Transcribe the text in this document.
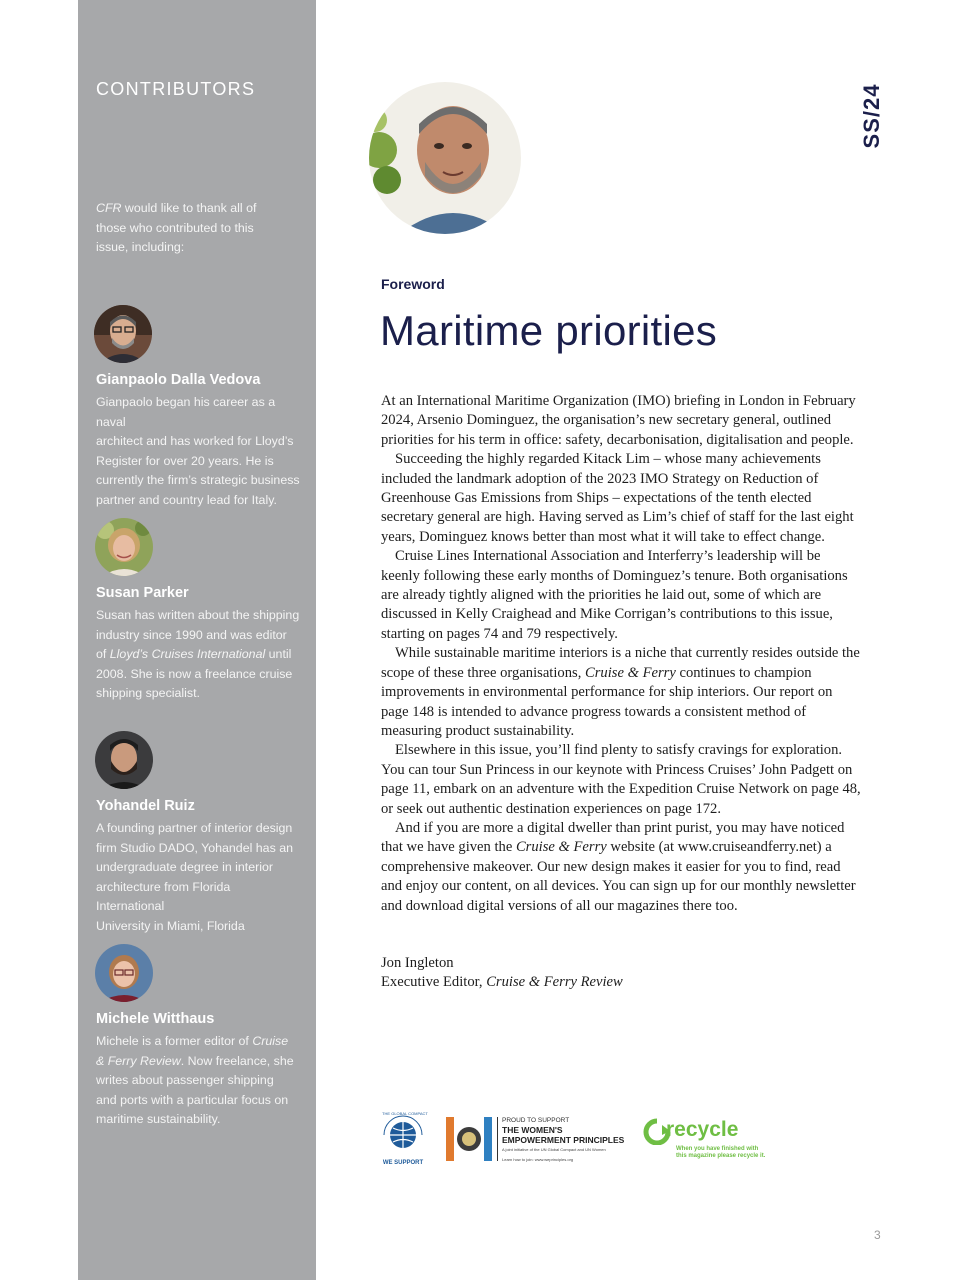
CONTRIBUTORS
CFR would like to thank all of
those who contributed to this
issue, including:
Gianpaolo Dalla Vedova
Gianpaolo began his career as a naval
architect and has worked for Lloyd’s
Register for over 20 years. He is
currently the firm’s strategic business
partner and country lead for Italy.
Susan Parker
Susan has written about the shipping
industry since 1990 and was editor
of Lloyd’s Cruises International until
2008. She is now a freelance cruise
shipping specialist.
Yohandel Ruiz
A founding partner of interior design
firm Studio DADO, Yohandel has an
undergraduate degree in interior
architecture from Florida International
University in Miami, Florida
Michele Witthaus
Michele is a former editor of Cruise
& Ferry Review. Now freelance, she
writes about passenger shipping
and ports with a particular focus on
maritime sustainability.
SS/24
Foreword
Maritime priorities

At an International Maritime Organization (IMO) briefing in London in February 2024, Arsenio Dominguez, the organisation’s new secretary general, outlined priorities for his term in office: safety, decarbonisation, digitalisation and people.

Succeeding the highly regarded Kitack Lim – whose many achievements included the landmark adoption of the 2023 IMO Strategy on Reduction of Greenhouse Gas Emissions from Ships – expectations of the tenth elected secretary general are high. Having served as Lim’s chief of staff for the last eight years, Dominguez knows better than most what it will take to effect change.

Cruise Lines International Association and Interferry’s leadership will be keenly following these early months of Dominguez’s tenure. Both organisations are already tightly aligned with the priorities he laid out, some of which are discussed in Kelly Craighead and Mike Corrigan’s contributions to this issue, starting on pages 74 and 79 respectively.

While sustainable maritime interiors is a niche that currently resides outside the scope of these three organisations, Cruise & Ferry continues to champion improvements in environmental performance for ship interiors. Our report on page 148 is intended to advance progress towards a consistent method of measuring product sustainability.

Elsewhere in this issue, you’ll find plenty to satisfy cravings for exploration. You can tour Sun Princess in our keynote with Princess Cruises’ John Padgett on page 11, embark on an adventure with the Expedition Cruise Network on page 48, or seek out authentic destination experiences on page 172.

And if you are more a digital dweller than print purist, you may have noticed that we have given the Cruise & Ferry website (at www.cruiseandferry.net) a comprehensive makeover. Our new design makes it easier for you to find, read and enjoy our content, on all devices. You can sign up for our monthly newsletter and download digital versions of all our magazines there too.

Jon Ingleton
Executive Editor, Cruise & Ferry Review
THE GLOBAL COMPACT
WE SUPPORT
PROUD TO SUPPORT
THE WOMEN'S
EMPOWERMENT PRINCIPLES
A joint initiative of the UN Global Compact and UN Women
Learn how to join: www.weprinciples.org
recycle
When you have finished with
this magazine please recycle it.
3
